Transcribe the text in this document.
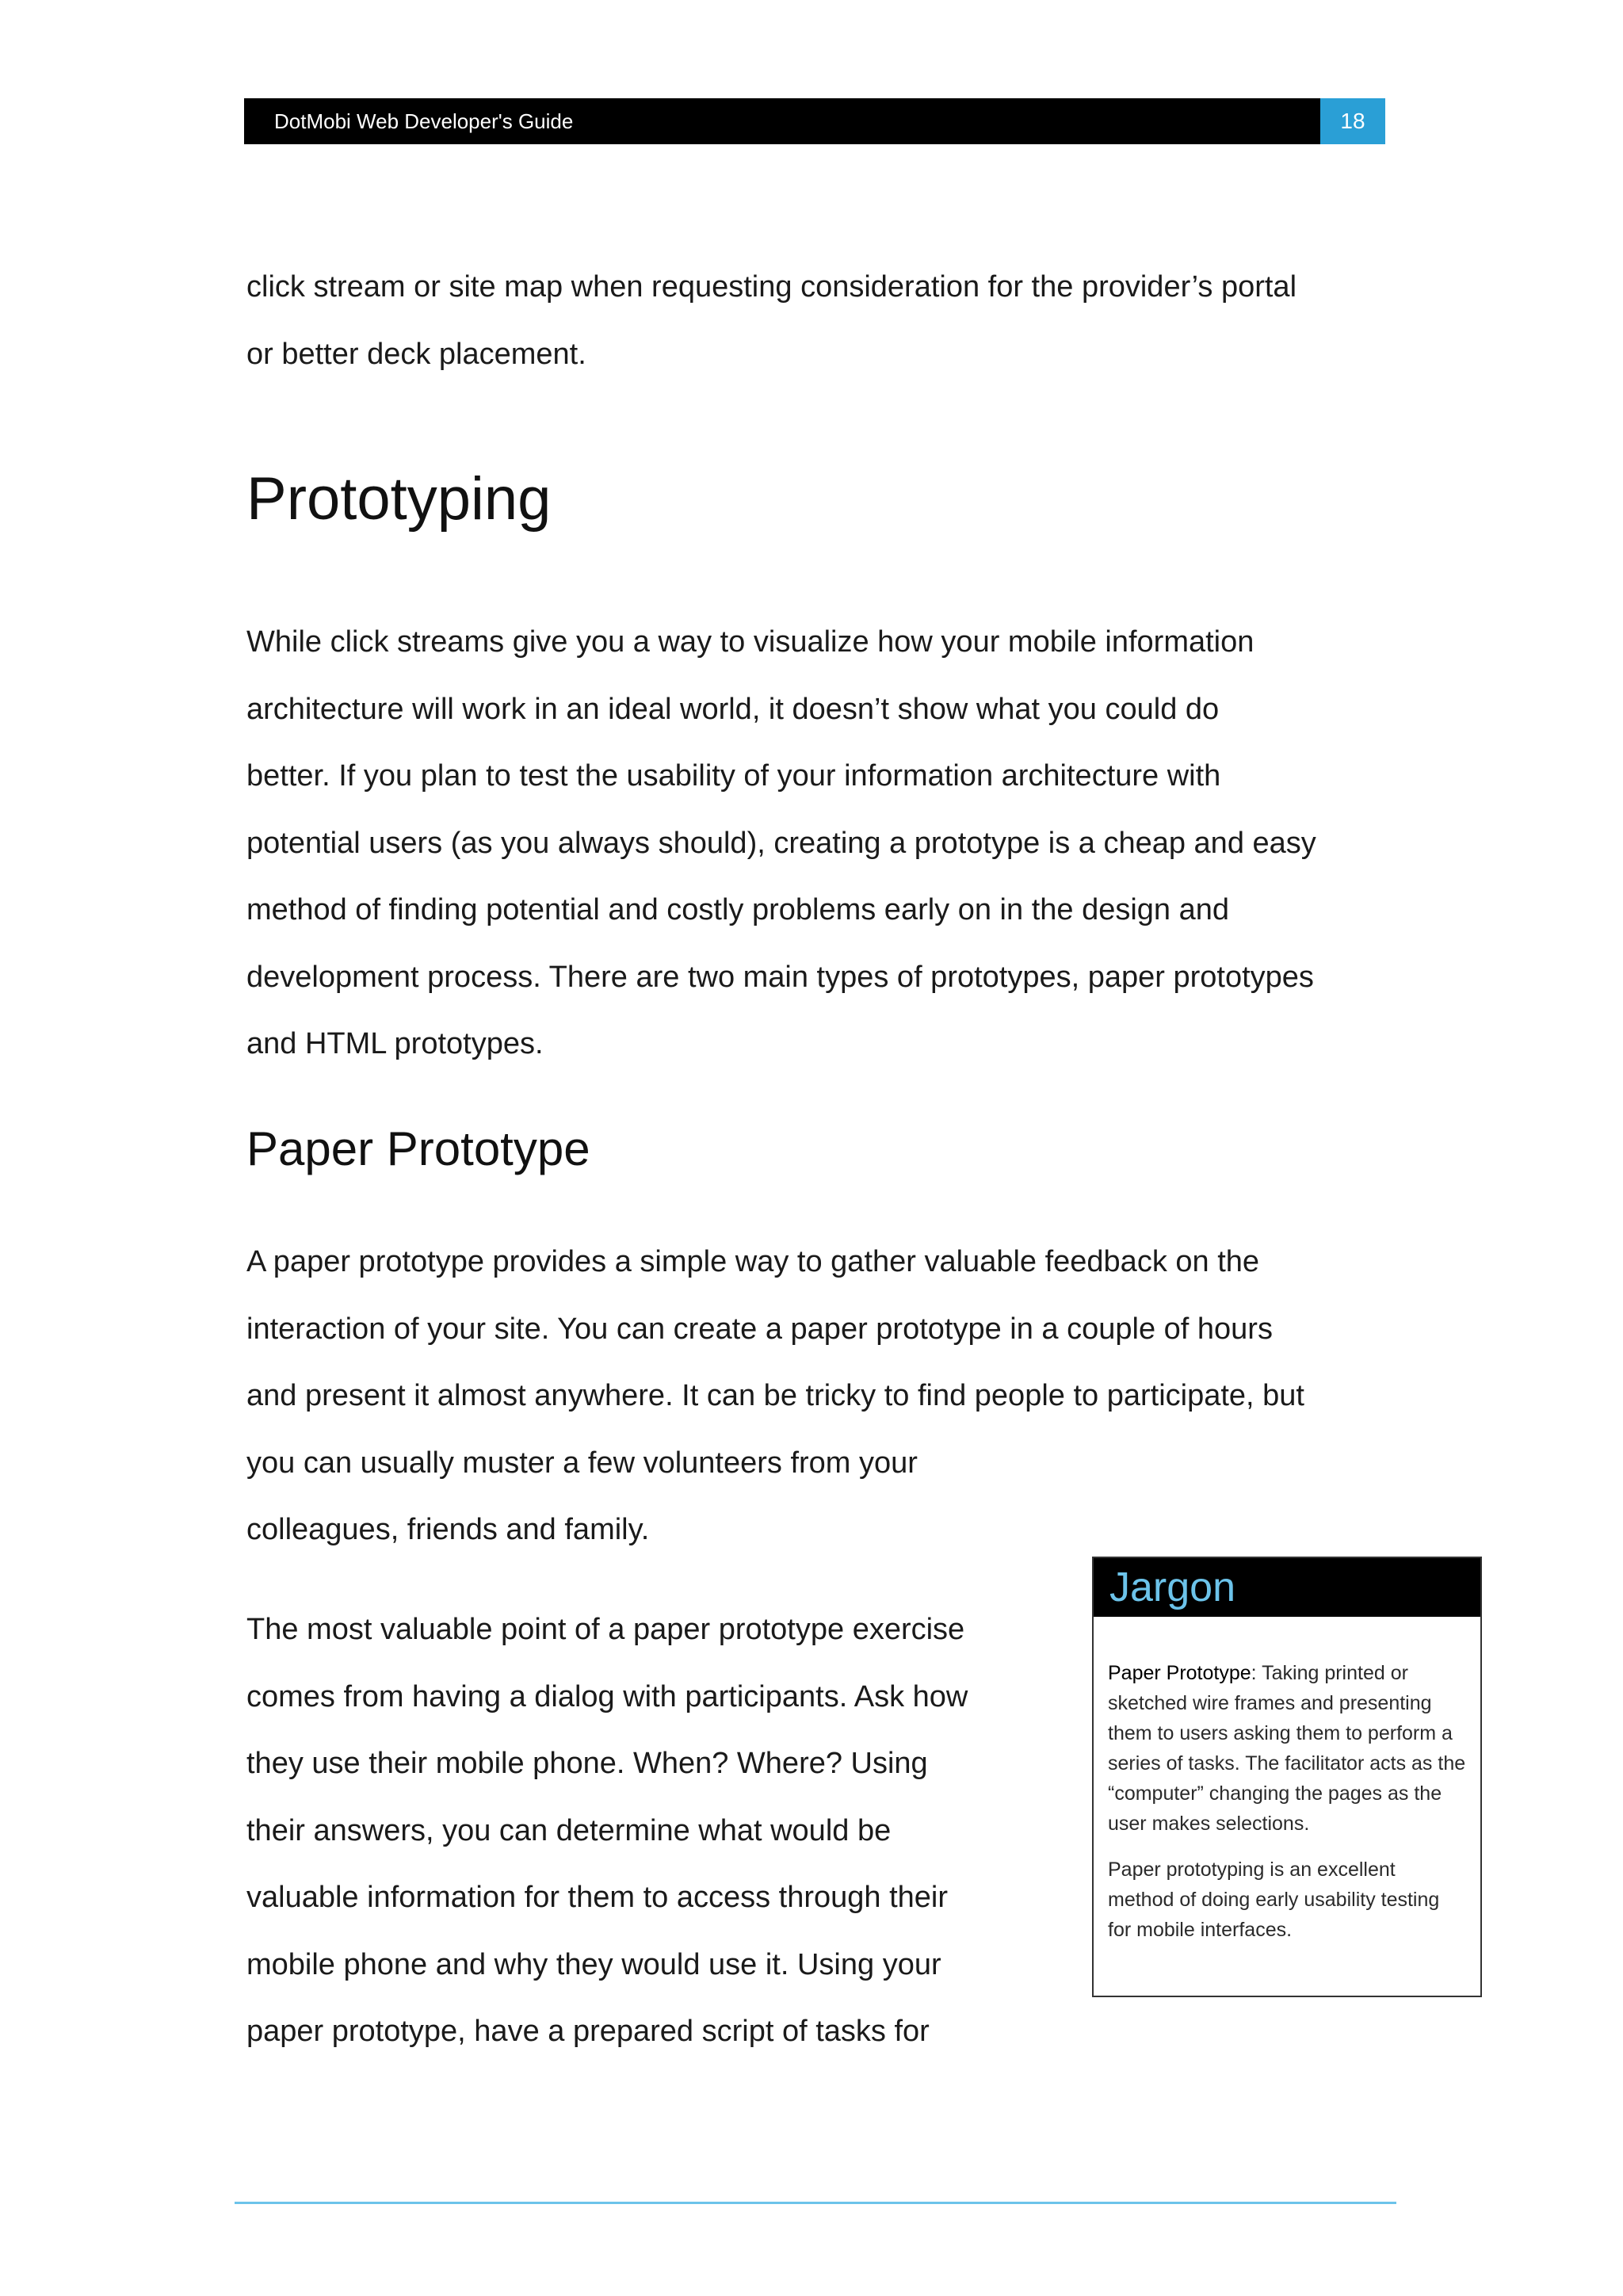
DotMobi Web Developer's Guide	18

click stream or site map when requesting consideration for the provider’s portal
or better deck placement.

Prototyping

While click streams give you a way to visualize how your mobile information
architecture will work in an ideal world, it doesn’t show what you could do
better. If you plan to test the usability of your information architecture with
potential users (as you always should), creating a prototype is a cheap and easy
method of finding potential and costly problems early on in the design and
development process. There are two main types of prototypes, paper prototypes
and HTML prototypes.

Paper Prototype

A paper prototype provides a simple way to gather valuable feedback on the
interaction of your site. You can create a paper prototype in a couple of hours
and present it almost anywhere. It can be tricky to find people to participate, but
you can usually muster a few volunteers from your
colleagues, friends and family.

The most valuable point of a paper prototype exercise
comes from having a dialog with participants. Ask how
they use their mobile phone. When? Where? Using
their answers, you can determine what would be
valuable information for them to access through their
mobile phone and why they would use it. Using your
paper prototype, have a prepared script of tasks for

Jargon

Paper Prototype: Taking printed or sketched wire frames and presenting them to users asking them to perform a series of tasks. The facilitator acts as the “computer” changing the pages as the user makes selections.

Paper prototyping is an excellent method of doing early usability testing for mobile interfaces.
